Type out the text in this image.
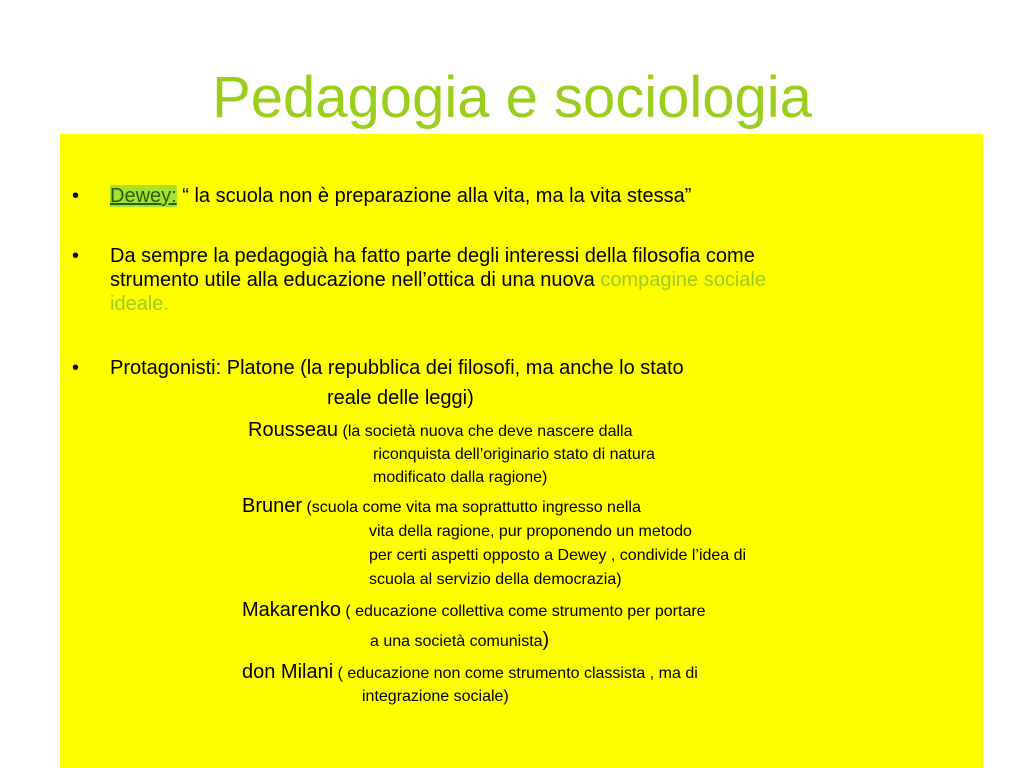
Pedagogia e sociologia
• Dewey: “ la scuola non è preparazione alla vita, ma la vita stessa”
• Da sempre la pedagogià ha fatto parte degli interessi della filosofia come
strumento utile alla educazione nell’ottica di una nuova compagine sociale
ideale.
• Protagonisti: Platone (la repubblica dei filosofi, ma anche lo stato
reale delle leggi)
Rousseau (la società nuova che deve nascere dalla
riconquista dell’originario stato di natura
modificato dalla ragione)
Bruner (scuola come vita ma soprattutto ingresso nella
vita della ragione, pur proponendo un metodo
per certi aspetti opposto a Dewey , condivide l’idea di
scuola al servizio della democrazia)
Makarenko ( educazione collettiva come strumento per portare
a una società comunista)
don Milani ( educazione non come strumento classista , ma di
integrazione sociale)
